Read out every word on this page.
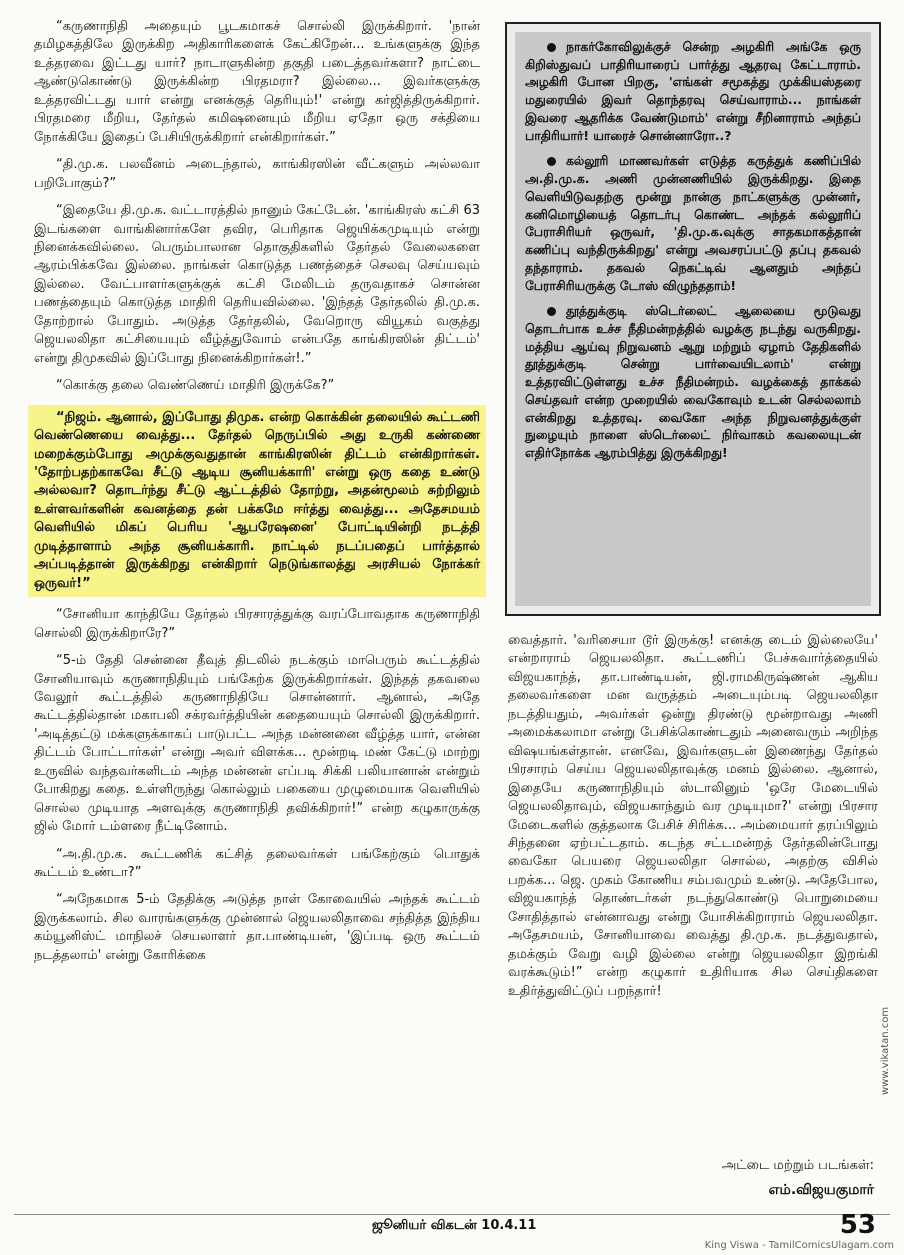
“கருணாநிதி அதையும் பூடகமாகச் சொல்லி இருக்கிறார். 'நான் தமிழகத்திலே இருக்கிற அதிகாரிகளைக் கேட்கிறேன்... உங்களுக்கு இந்த உத்தரவை இட்டது யார்? நாடாளுகின்ற தகுதி படைத்தவர்களா? நாட்டை ஆண்டுகொண்டு இருக்கின்ற பிரதமரா? இல்லை... இவர்களுக்கு உத்தரவிட்டது யார் என்று எனக்குத் தெரியும்!' என்று கர்ஜித்திருக்கிறார். பிரதமரை மீறிய, தேர்தல் கமிஷனையும் மீறிய ஏதோ ஒரு சக்தியை நோக்கியே இதைப் பேசியிருக்கிறார் என்கிறார்கள்.”

“தி.மு.க. பலவீனம் அடைந்தால், காங்கிரஸின் வீட்களும் அல்லவா பறிபோகும்?”

“இதையே தி.மு.க. வட்டாரத்தில் நானும் கேட்டேன். 'காங்கிரஸ் கட்சி 63 இடங்களை வாங்கினார்களே தவிர, பெரிதாக ஜெயிக்கமுடியும் என்று நினைக்கவில்லை. பெரும்பாலான தொகுதிகளில் தேர்தல் வேலைகளை ஆரம்பிக்கவே இல்லை. நாங்கள் கொடுத்த பணத்தைச் செலவு செய்யவும் இல்லை. வேட்பாளர்களுக்குக் கட்சி மேலிடம் தருவதாகச் சொன்ன பணத்தையும் கொடுத்த மாதிரி தெரியவில்லை. 'இந்தத் தேர்தலில் தி.மு.க. தோற்றால் போதும். அடுத்த தேர்தலில், வேறொரு வியூகம் வகுத்து ஜெயலலிதா கட்சியையும் வீழ்த்துவோம் என்பதே காங்கிரஸின் திட்டம்' என்று திமுகவில் இப்போது நினைக்கிறார்கள்!.”

“கொக்கு தலை வெண்ணெய் மாதிரி இருக்கே?”

“நிஜம். ஆனால், இப்போது திமுக. என்ற கொக்கின் தலையில் கூட்டணி வெண்ணெயை வைத்து... தேர்தல் நெருப்பில் அது உருகி கண்ணை மறைக்கும்போது அமுக்குவதுதான் காங்கிரஸின் திட்டம் என்கிறார்கள். 'தோற்பதற்காகவே சீட்டு ஆடிய சூனியக்காரி' என்று ஒரு கதை உண்டு அல்லவா? தொடர்ந்து சீட்டு ஆட்டத்தில் தோற்று, அதன்மூலம் சுற்றிலும் உள்ளவர்களின் கவனத்தை தன் பக்கமே ஈர்த்து வைத்து... அதேசமயம் வெளியில் மிகப் பெரிய 'ஆபரேஷனை' போட்டியின்றி நடத்தி முடித்தாளாம் அந்த சூனியக்காரி. நாட்டில் நடப்பதைப் பார்த்தால் அப்படித்தான் இருக்கிறது என்கிறார் நெடுங்காலத்து அரசியல் நோக்கர் ஒருவர்!”

“சோனியா காந்தியே தேர்தல் பிரசாரத்துக்கு வரப்போவதாக கருணாநிதி சொல்லி இருக்கிறாரே?”

“5-ம் தேதி சென்னை தீவுத் திடலில் நடக்கும் மாபெரும் கூட்டத்தில் சோனியாவும் கருணாநிதியும் பங்கேற்க இருக்கிறார்கள். இந்தத் தகவலை வேலூர் கூட்டத்தில் கருணாநிதியே சொன்னார். ஆனால், அதே கூட்டத்தில்தான் மகாபலி சக்ரவர்த்தியின் கதையையும் சொல்லி இருக்கிறார். 'அடித்தட்டு மக்களுக்காகப் பாடுபட்ட அந்த மன்னனை வீழ்த்த யார், என்ன திட்டம் போட்டார்கள்' என்று அவர் விளக்க... மூன்றடி மண் கேட்டு மாற்று உருவில் வந்தவர்களிடம் அந்த மன்னன் எப்படி சிக்கி பலியானான் என்றும் போகிறது கதை. உள்ளிருந்து கொல்லும் பகையை முழுமையாக வெளியில் சொல்ல முடியாத அளவுக்கு கருணாநிதி தவிக்கிறார்!” என்ற கழுகாருக்கு ஜில் மோர் டம்ளரை நீட்டினோம்.

“அ.தி.மு.க. கூட்டணிக் கட்சித் தலைவர்கள் பங்கேற்கும் பொதுக் கூட்டம் உண்டா?”

“அநேகமாக 5-ம் தேதிக்கு அடுத்த நாள் கோவையில் அந்தக் கூட்டம் இருக்கலாம். சில வாரங்களுக்கு முன்னால் ஜெயலலிதாவை சந்தித்த இந்திய கம்யூனிஸ்ட் மாநிலச் செயலாளர் தா.பாண்டியன், 'இப்படி ஒரு கூட்டம் நடத்தலாம்' என்று கோரிக்கை

நாகர்கோவிலுக்குச் சென்ற அழகிரி அங்கே ஒரு கிறிஸ்துவப் பாதிரியாரைப் பார்த்து ஆதரவு கேட்டாராம். அழகிரி போன பிறகு, 'எங்கள் சமூகத்து முக்கியஸ்தரை மதுரையில் இவர் தொந்தரவு செய்வாராம்... நாங்கள் இவரை ஆதரிக்க வேண்டுமாம்' என்று சீறினாராம் அந்தப் பாதிரியார்! யாரைச் சொன்னாரோ..?

கல்லூரி மாணவர்கள் எடுத்த கருத்துக் கணிப்பில் அ.தி.மு.க. அணி முன்னணியில் இருக்கிறது. இதை வெளியிடுவதற்கு மூன்று நான்கு நாட்களுக்கு முன்னர், கனிமொழியைத் தொடர்பு கொண்ட அந்தக் கல்லூரிப் பேராசிரியர் ஒருவர், 'தி.மு.க.வுக்கு சாதகமாகத்தான் கணிப்பு வந்திருக்கிறது' என்று அவசரப்பட்டு தப்பு தகவல் தந்தாராம். தகவல் நெகட்டிவ் ஆனதும் அந்தப் பேராசிரியருக்கு டோஸ் விழுந்ததாம்!

தூத்துக்குடி ஸ்டெர்லைட் ஆலையை மூடுவது தொடர்பாக உச்ச நீதிமன்றத்தில் வழக்கு நடந்து வருகிறது. மத்திய ஆய்வு நிறுவனம் ஆறு மற்றும் ஏழாம் தேதிகளில் தூத்துக்குடி சென்று பார்வையிடலாம்' என்று உத்தரவிட்டுள்ளது உச்ச நீதிமன்றம். வழக்கைத் தாக்கல் செய்தவர் என்ற முறையில் வைகோவும் உடன் செல்லலாம் என்கிறது உத்தரவு. வைகோ அந்த நிறுவனத்துக்குள் நுழையும் நாளை ஸ்டெர்லைட் நிர்வாகம் கவலையுடன் எதிர்நோக்க ஆரம்பித்து இருக்கிறது!

வைத்தார். 'வரிசையா டூர் இருக்கு! எனக்கு டைம் இல்லையே' என்றாராம் ஜெயலலிதா. கூட்டணிப் பேச்சுவார்த்தையில் விஜயகாந்த், தா.பாண்டியன், ஜி.ராமகிருஷ்ணன் ஆகிய தலைவர்களை மன வருத்தம் அடையும்படி ஜெயலலிதா நடத்தியதும், அவர்கள் ஒன்று திரண்டு மூன்றாவது அணி அமைக்கலாமா என்று பேசிக்கொண்டதும் அனைவரும் அறிந்த விஷயங்கள்தான். எனவே, இவர்களுடன் இணைந்து தேர்தல் பிரசாரம் செய்ய ஜெயலலிதாவுக்கு மனம் இல்லை. ஆனால், இதையே கருணாநிதியும் ஸ்டாலினும் 'ஒரே மேடையில் ஜெயலலிதாவும், விஜயகாந்தும் வர முடியுமா?' என்று பிரசார மேடைகளில் குத்தலாக பேசிச் சிரிக்க... அம்மையார் தரப்பிலும் சிந்தனை ஏற்பட்டதாம். கடந்த சட்டமன்றத் தேர்தலின்போது வைகோ பெயரை ஜெயலலிதா சொல்ல, அதற்கு விசில் பறக்க... ஜெ. முகம் கோணிய சம்பவமும் உண்டு. அதேபோல, விஜயகாந்த் தொண்டர்கள் நடந்துகொண்டு பொறுமையை சோதித்தால் என்னாவது என்று யோசிக்கிறாராம் ஜெயலலிதா. அதேசமயம், சோனியாவை வைத்து தி.மு.க. நடத்துவதால், தமக்கும் வேறு வழி இல்லை என்று ஜெயலலிதா இறங்கி வரக்கூடும்!” என்ற கழுகார் உதிரியாக சில செய்திகளை உதிர்த்துவிட்டுப் பறந்தார்!

அட்டை மற்றும் படங்கள்:
எம்.விஜயகுமார்
www.vikatan.com
ஜூனியர் விகடன் 10.4.11	53
King Viswa - TamilComicsUlagam.com
